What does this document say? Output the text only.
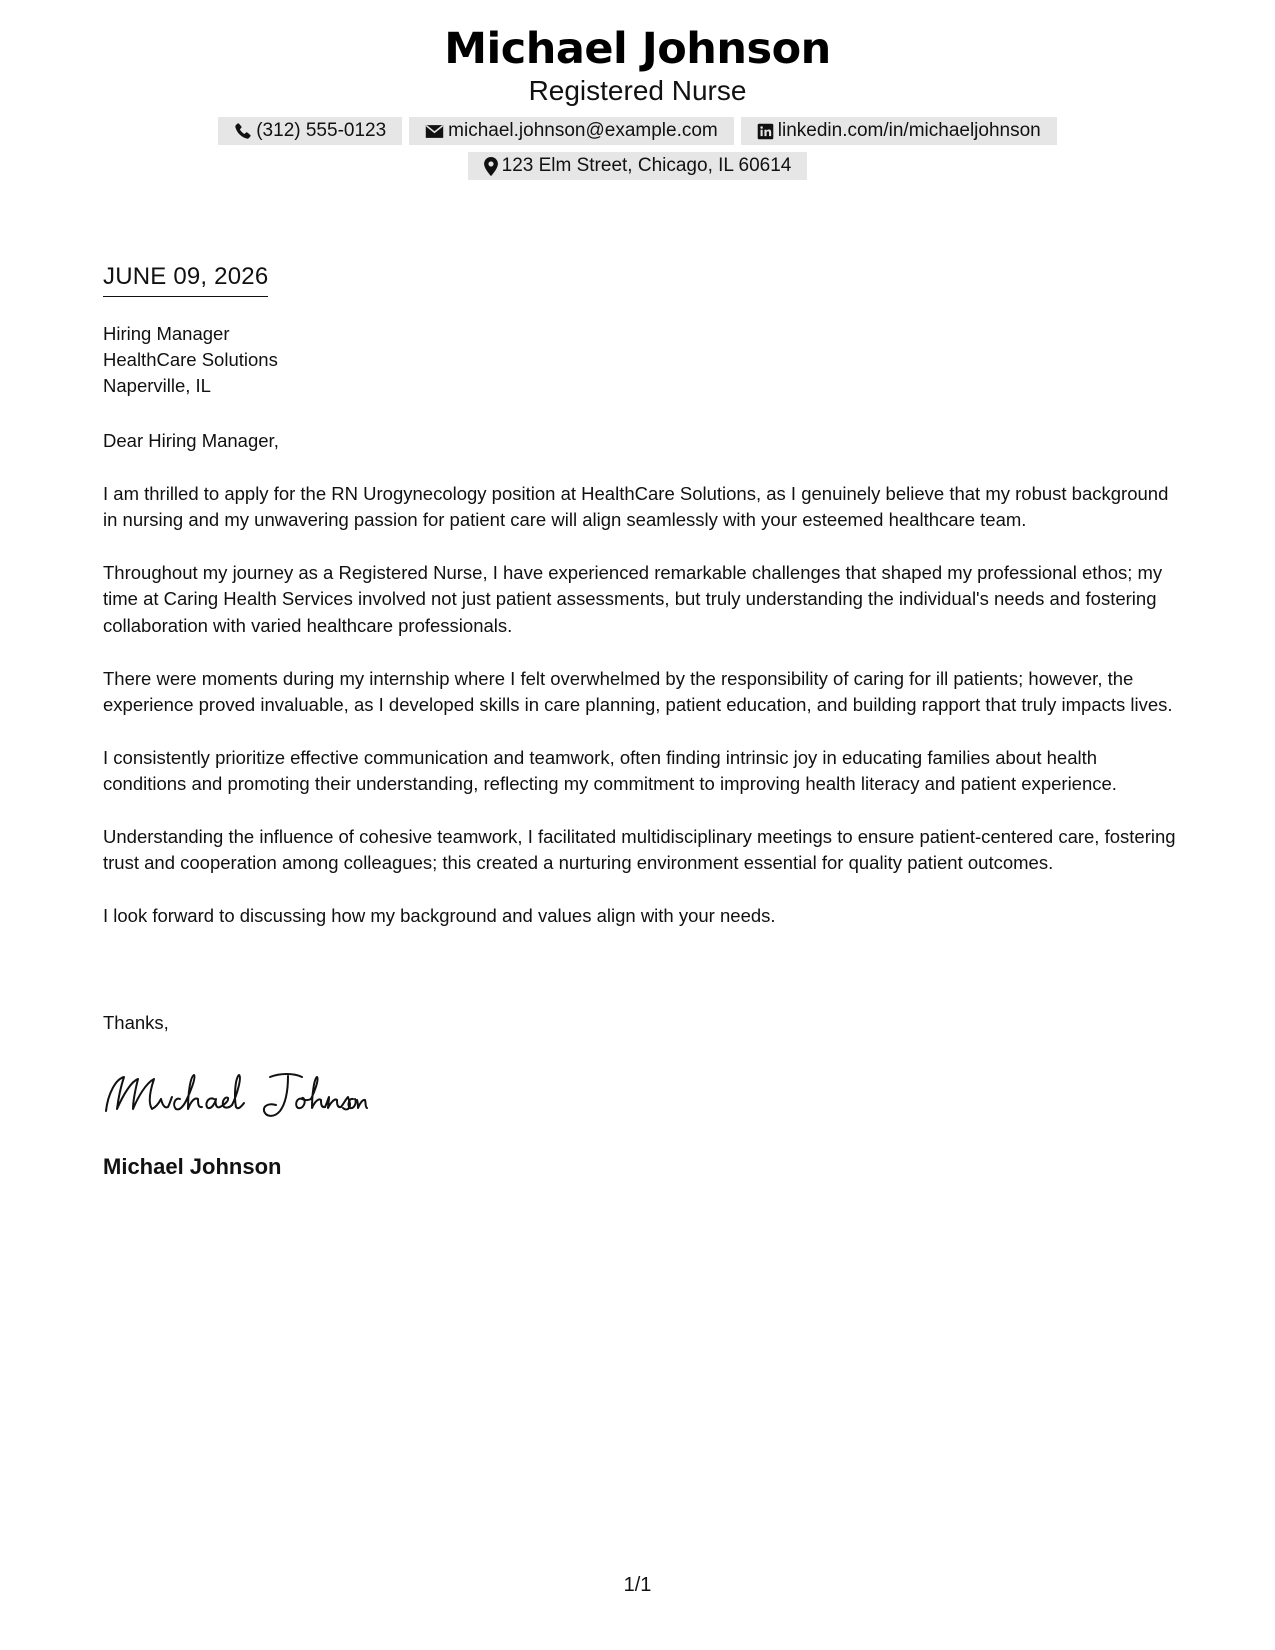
Michael Johnson
Registered Nurse
(312) 555-0123	michael.johnson@example.com	linkedin.com/in/michaeljohnson
123 Elm Street, Chicago, IL 60614
JUNE 09, 2026
Hiring Manager
HealthCare Solutions
Naperville, IL

Dear Hiring Manager,

I am thrilled to apply for the RN Urogynecology position at HealthCare Solutions, as I genuinely believe that my robust background in nursing and my unwavering passion for patient care will align seamlessly with your esteemed healthcare team.

Throughout my journey as a Registered Nurse, I have experienced remarkable challenges that shaped my professional ethos; my time at Caring Health Services involved not just patient assessments, but truly understanding the individual's needs and fostering collaboration with varied healthcare professionals.

There were moments during my internship where I felt overwhelmed by the responsibility of caring for ill patients; however, the experience proved invaluable, as I developed skills in care planning, patient education, and building rapport that truly impacts lives.

I consistently prioritize effective communication and teamwork, often finding intrinsic joy in educating families about health conditions and promoting their understanding, reflecting my commitment to improving health literacy and patient experience.

Understanding the influence of cohesive teamwork, I facilitated multidisciplinary meetings to ensure patient-centered care, fostering trust and cooperation among colleagues; this created a nurturing environment essential for quality patient outcomes.

I look forward to discussing how my background and values align with your needs.

Thanks,
Michael Johnson
1/1
